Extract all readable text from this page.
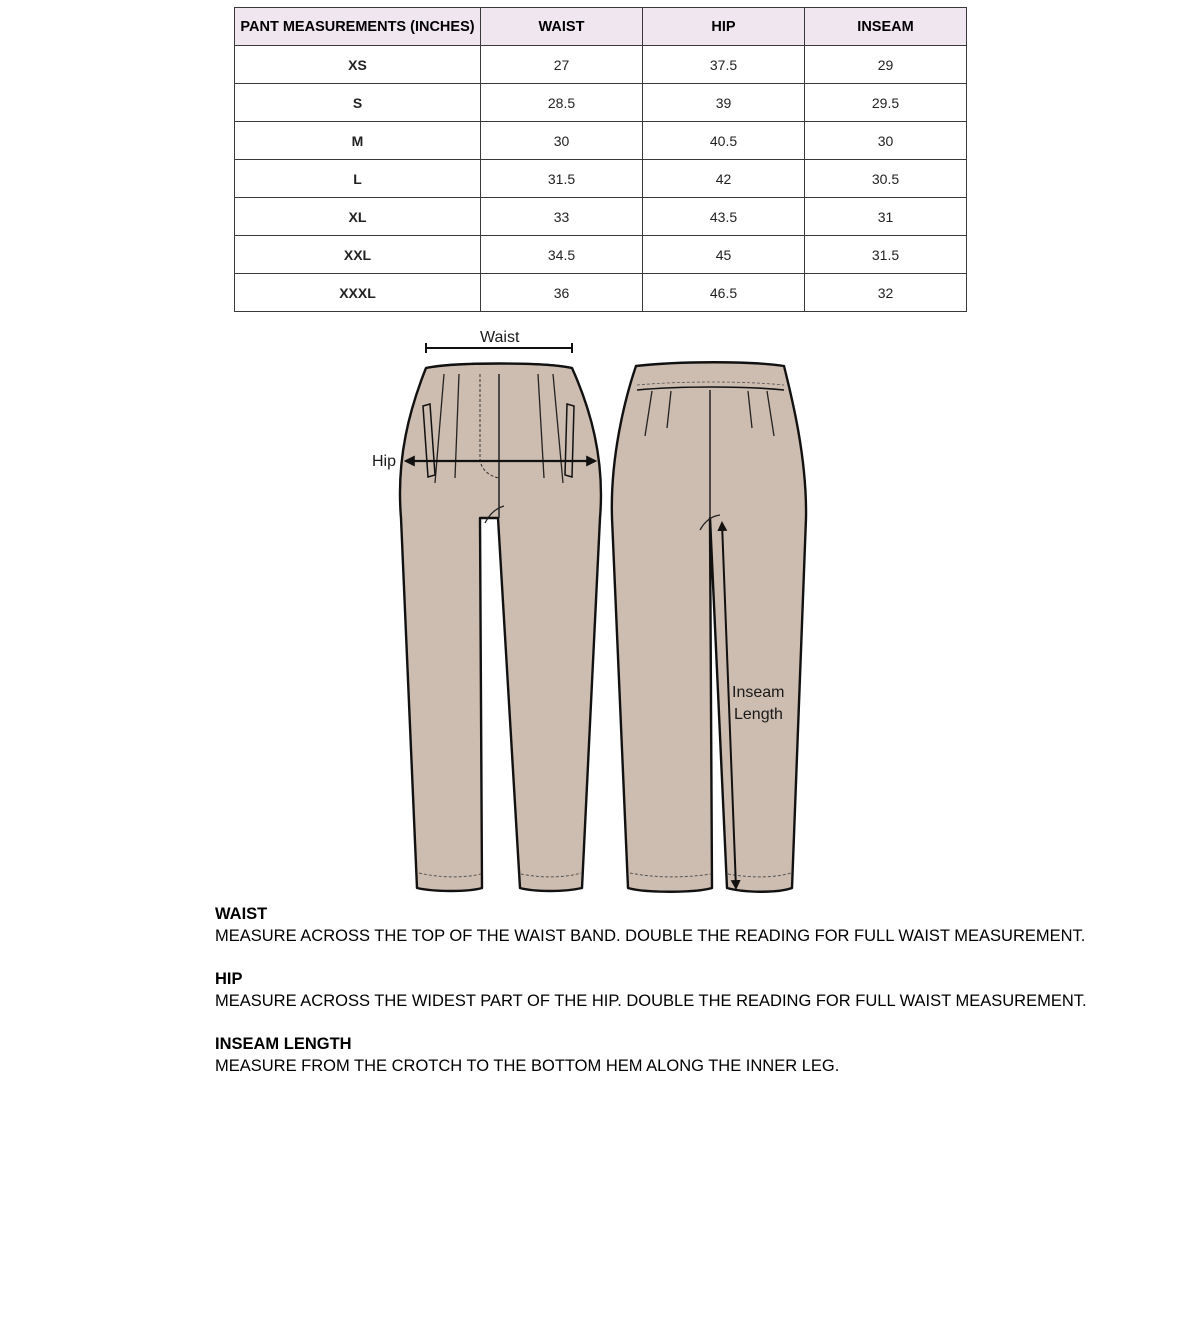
PANT MEASUREMENTS (INCHES)	WAIST	HIP	INSEAM
XS	27	37.5	29
S	28.5	39	29.5
M	30	40.5	30
L	31.5	42	30.5
XL	33	43.5	31
XXL	34.5	45	31.5
XXXL	36	46.5	32
Waist
Hip
Inseam
Length
WAIST
MEASURE ACROSS THE TOP OF THE WAIST BAND. DOUBLE THE READING FOR FULL WAIST MEASUREMENT.
HIP
MEASURE ACROSS THE WIDEST PART OF THE HIP. DOUBLE THE READING FOR FULL WAIST MEASUREMENT.
INSEAM LENGTH
MEASURE FROM THE CROTCH TO THE BOTTOM HEM ALONG THE INNER LEG.
